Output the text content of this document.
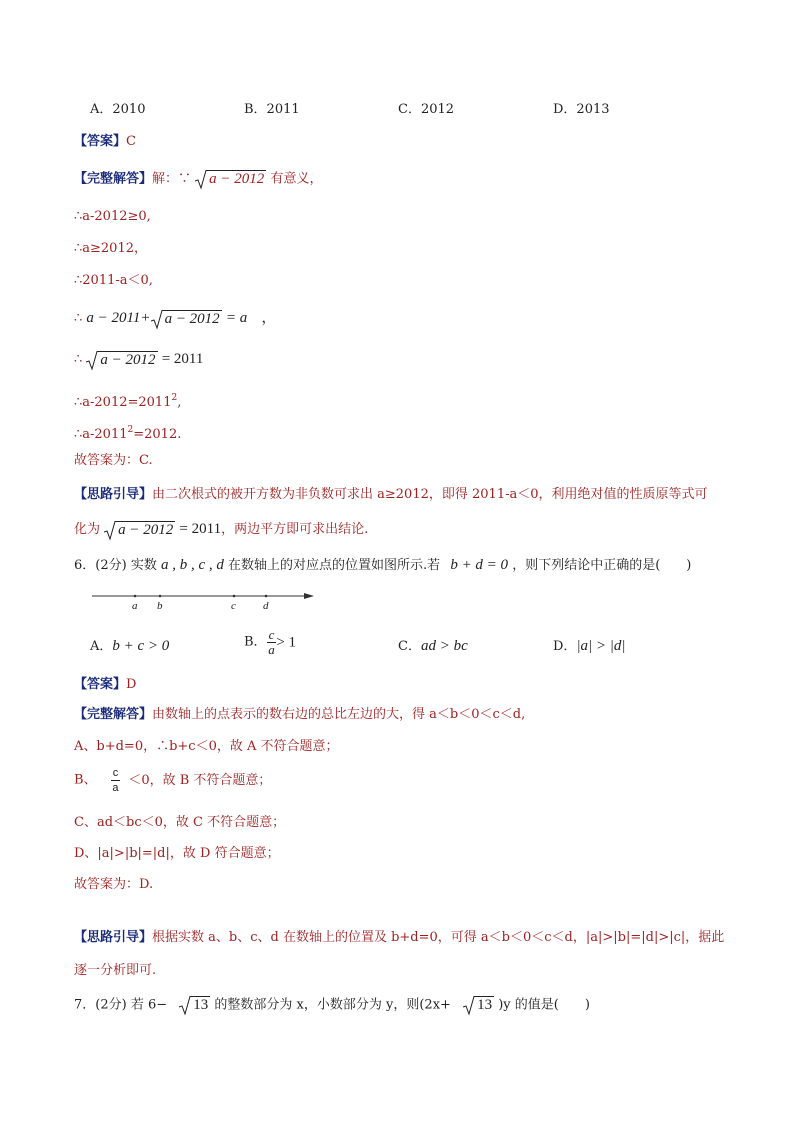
A．2010	B．2011	C．2012	D．2013
【答案】C
【完整解答】解：∵ a − 2012 有意义，
∴a-2012≥0,
∴a≥2012，
∴2011-a＜0,
∴ a − 2011+ a − 2012 = a ，
∴ a − 2012 = 2011
$\therefore a-2012=2011^2$,
$\therefore a-2011^2=2012$.
故答案为：C.
【思路引导】由二次根式的被开方数为非负数可求出 a≥2012，即得 2011-a＜0，利用绝对值的性质原等式可
化为 a − 2012 = 2011，两边平方即可求出结论.
6．(2分) 实数 a , b , c , d 在数轴上的对应点的位置如图所示.若 b + d = 0 ，则下列结论中正确的是(　　)
a b	c d
A．b + c > 0	B． $\frac{c}{a} > 1$	C．ad > bc	D．|a| > |d|
【答案】D
【完整解答】由数轴上的点表示的数右边的总比左边的大，得 a＜b＜0＜c＜d,
A、b+d=0，∴b+c＜0，故 A 不符合题意；
B、 $\frac{c}{a} <0$，故 B 不符合题意；
C、ad＜bc＜0，故 C 不符合题意；
D、|a|>|b|=|d|，故 D 符合题意；
故答案为：D.
【思路引导】根据实数 a、b、c、d 在数轴上的位置及 b+d=0，可得 a＜b＜0＜c＜d，|a|>|b|=|d|>|c|，据此
逐一分析即可.
7．(2分) 若 6− 13 的整数部分为 x，小数部分为 y，则(2x+ 13 )y 的值是(　　)
